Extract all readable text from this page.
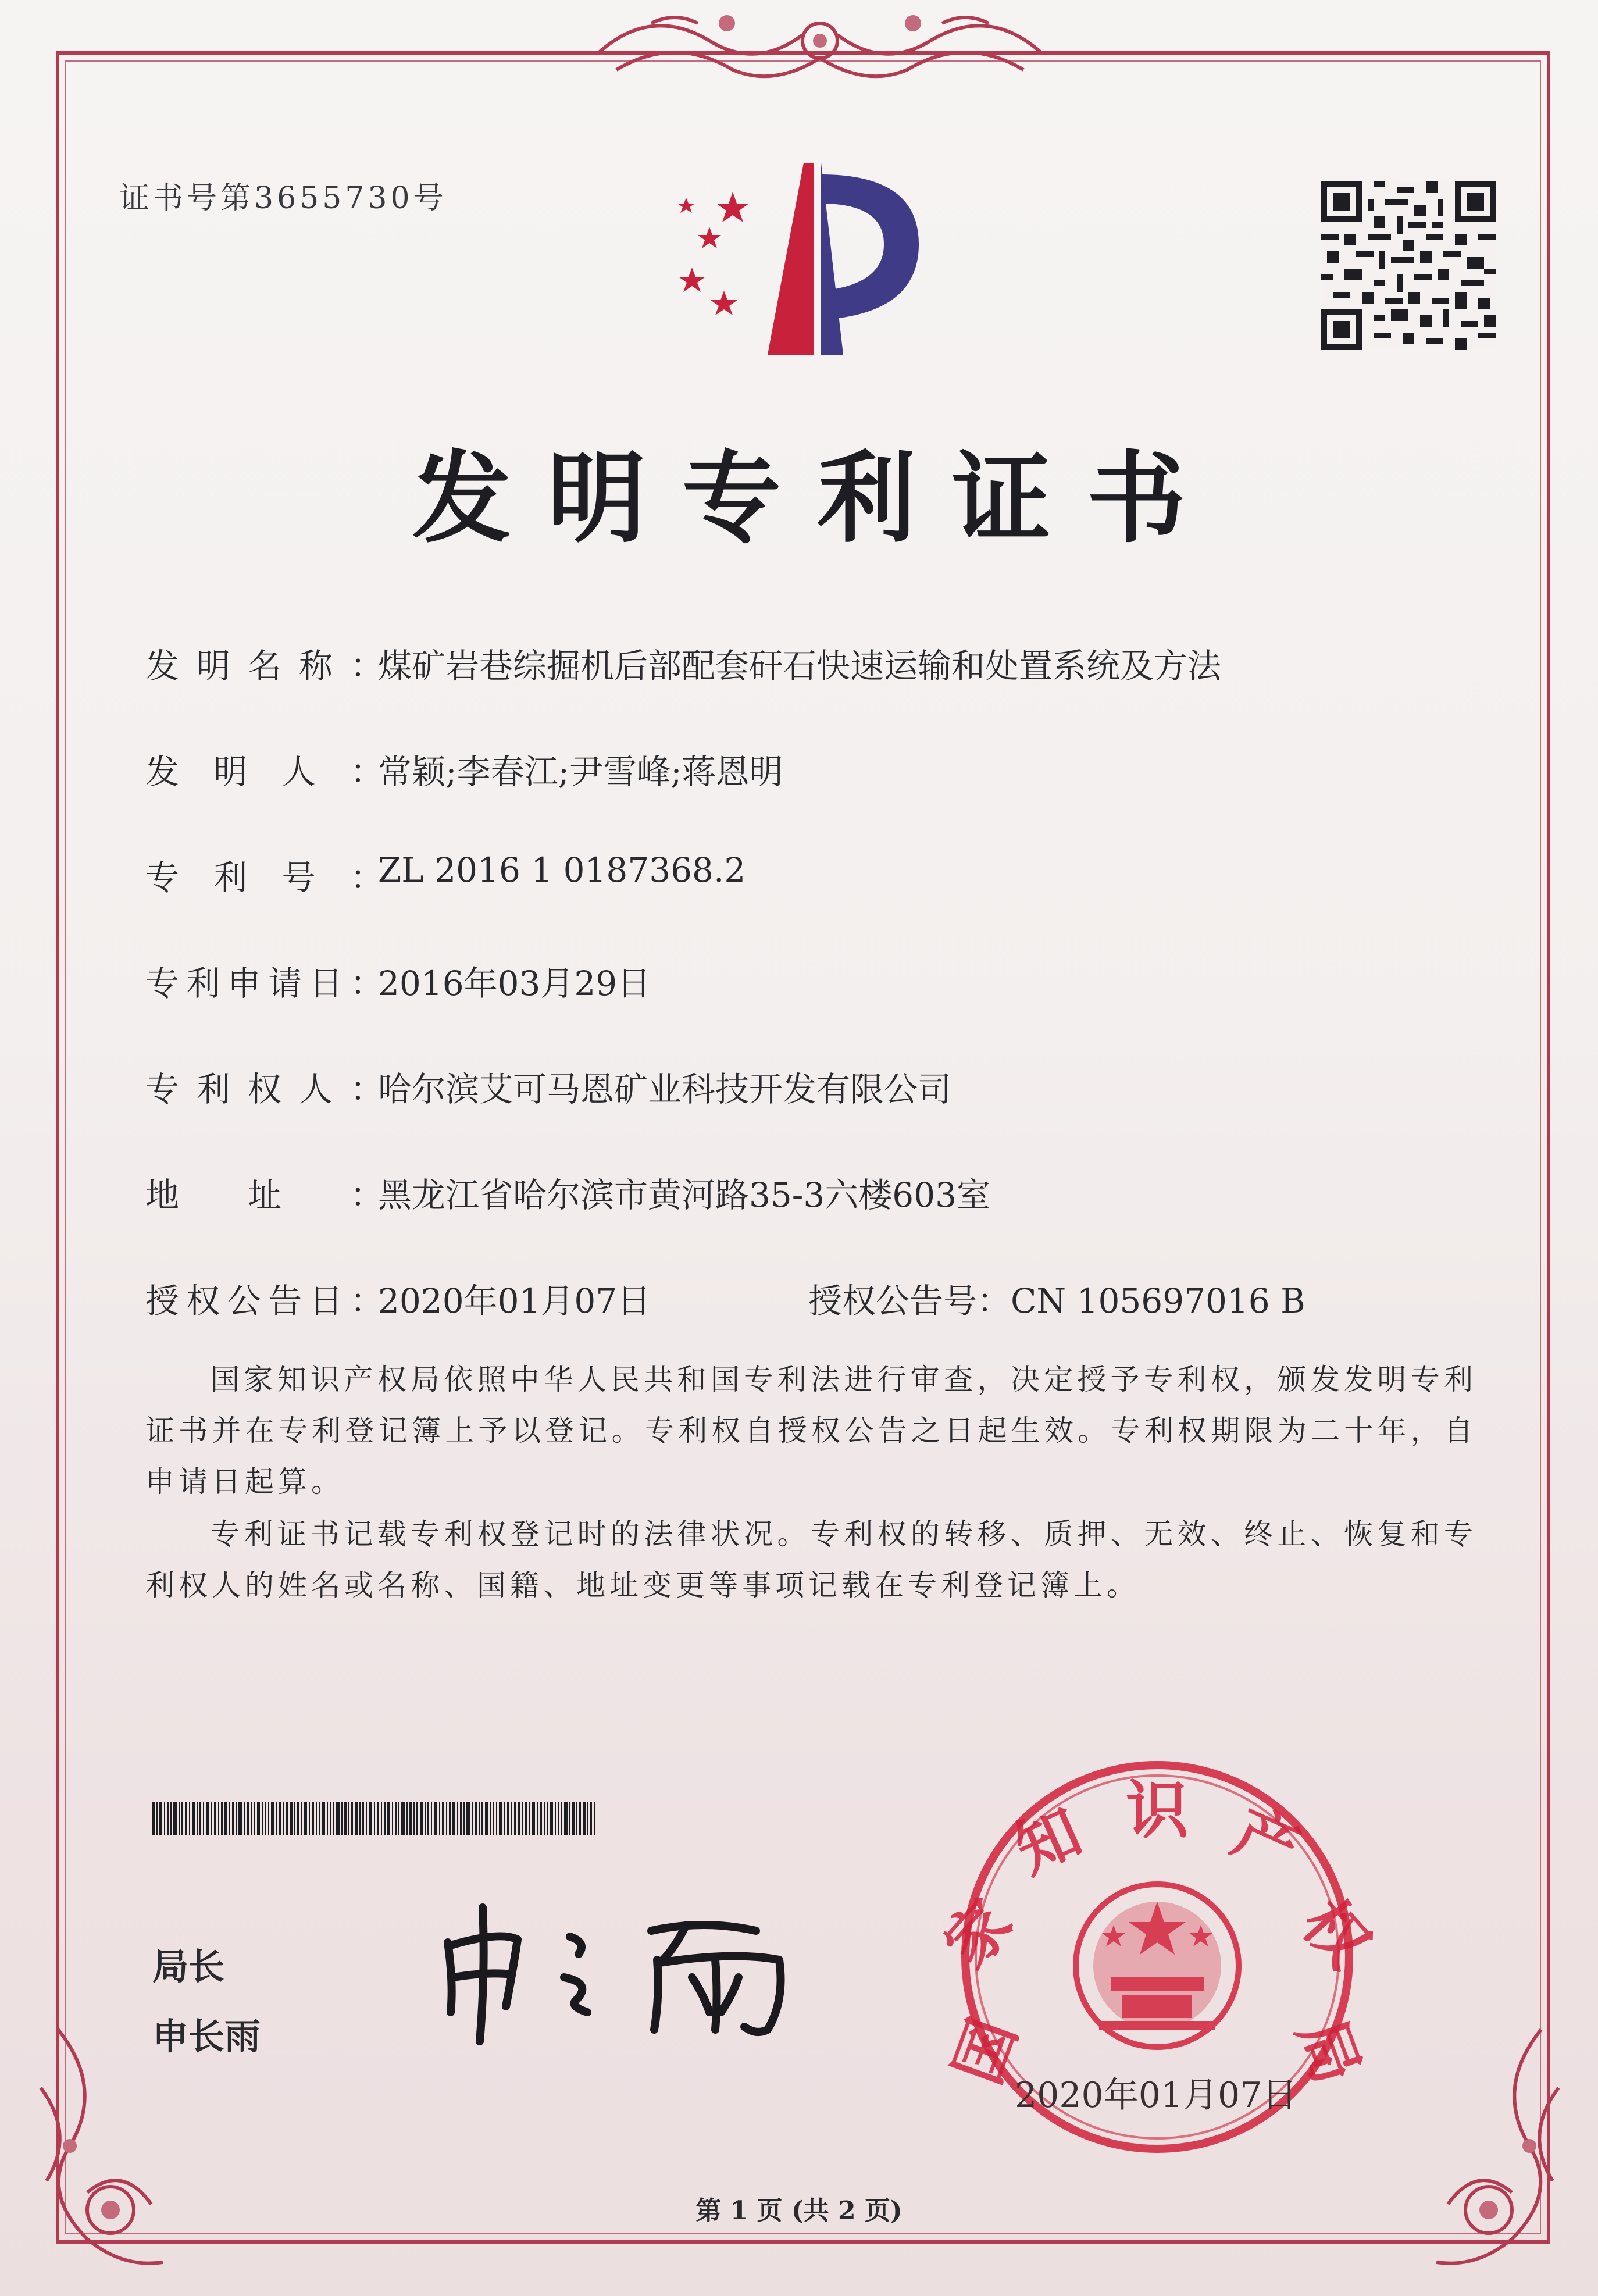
证书号第3655730号
发明专利证书
发 明 名 称 ：
煤矿岩巷综掘机后部配套矸石快速运输和处置系统及方法
发 明 人 ：
常颖;李春江;尹雪峰;蒋恩明
专 利 号 ：
ZL 2016 1 0187368.2
专 利 申 请 日 ：
2016年03月29日
专 利 权 人 ：
哈尔滨艾可马恩矿业科技开发有限公司
地 址 ：
黑龙江省哈尔滨市黄河路35-3六楼603室
授 权 公 告 日 ：
2020年01月07日	授权公告号：CN 105697016 B
国家知识产权局依照中华人民共和国专利法进行审查，决定授予专利权，颁发发明专利证书并在专利登记簿上予以登记。专利权自授权公告之日起生效。专利权期限为二十年，自申请日起算。
专利证书记载专利权登记时的法律状况。专利权的转移、质押、无效、终止、恢复和专利权人的姓名或名称、国籍、地址变更等事项记载在专利登记簿上。
局长
申长雨	国
家
知 识 产
权
局
2020年01月07日
第 1 页 (共 2 页)
